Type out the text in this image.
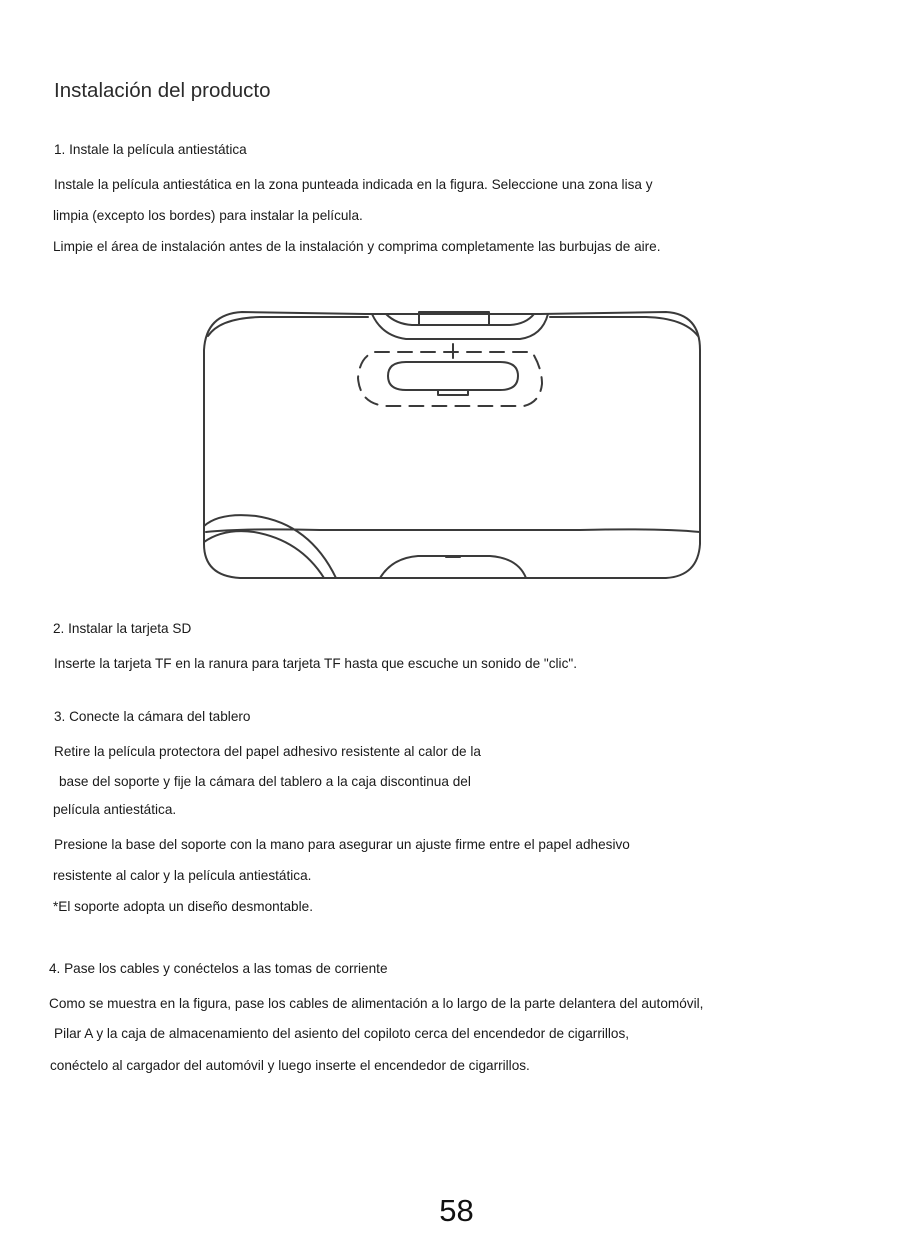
Instalación del producto
1. Instale la película antiestática
Instale la película antiestática en la zona punteada indicada en la figura. Seleccione una zona lisa y
limpia (excepto los bordes) para instalar la película.
Limpie el área de instalación antes de la instalación y comprima completamente las burbujas de aire.
2. Instalar la tarjeta SD
Inserte la tarjeta TF en la ranura para tarjeta TF hasta que escuche un sonido de "clic".
3. Conecte la cámara del tablero
Retire la película protectora del papel adhesivo resistente al calor de la
base del soporte y fije la cámara del tablero a la caja discontinua del
película antiestática.
Presione la base del soporte con la mano para asegurar un ajuste firme entre el papel adhesivo
resistente al calor y la película antiestática.
*El soporte adopta un diseño desmontable.
4. Pase los cables y conéctelos a las tomas de corriente
Como se muestra en la figura, pase los cables de alimentación a lo largo de la parte delantera del automóvil,
Pilar A y la caja de almacenamiento del asiento del copiloto cerca del encendedor de cigarrillos,
conéctelo al cargador del automóvil y luego inserte el encendedor de cigarrillos.
58
